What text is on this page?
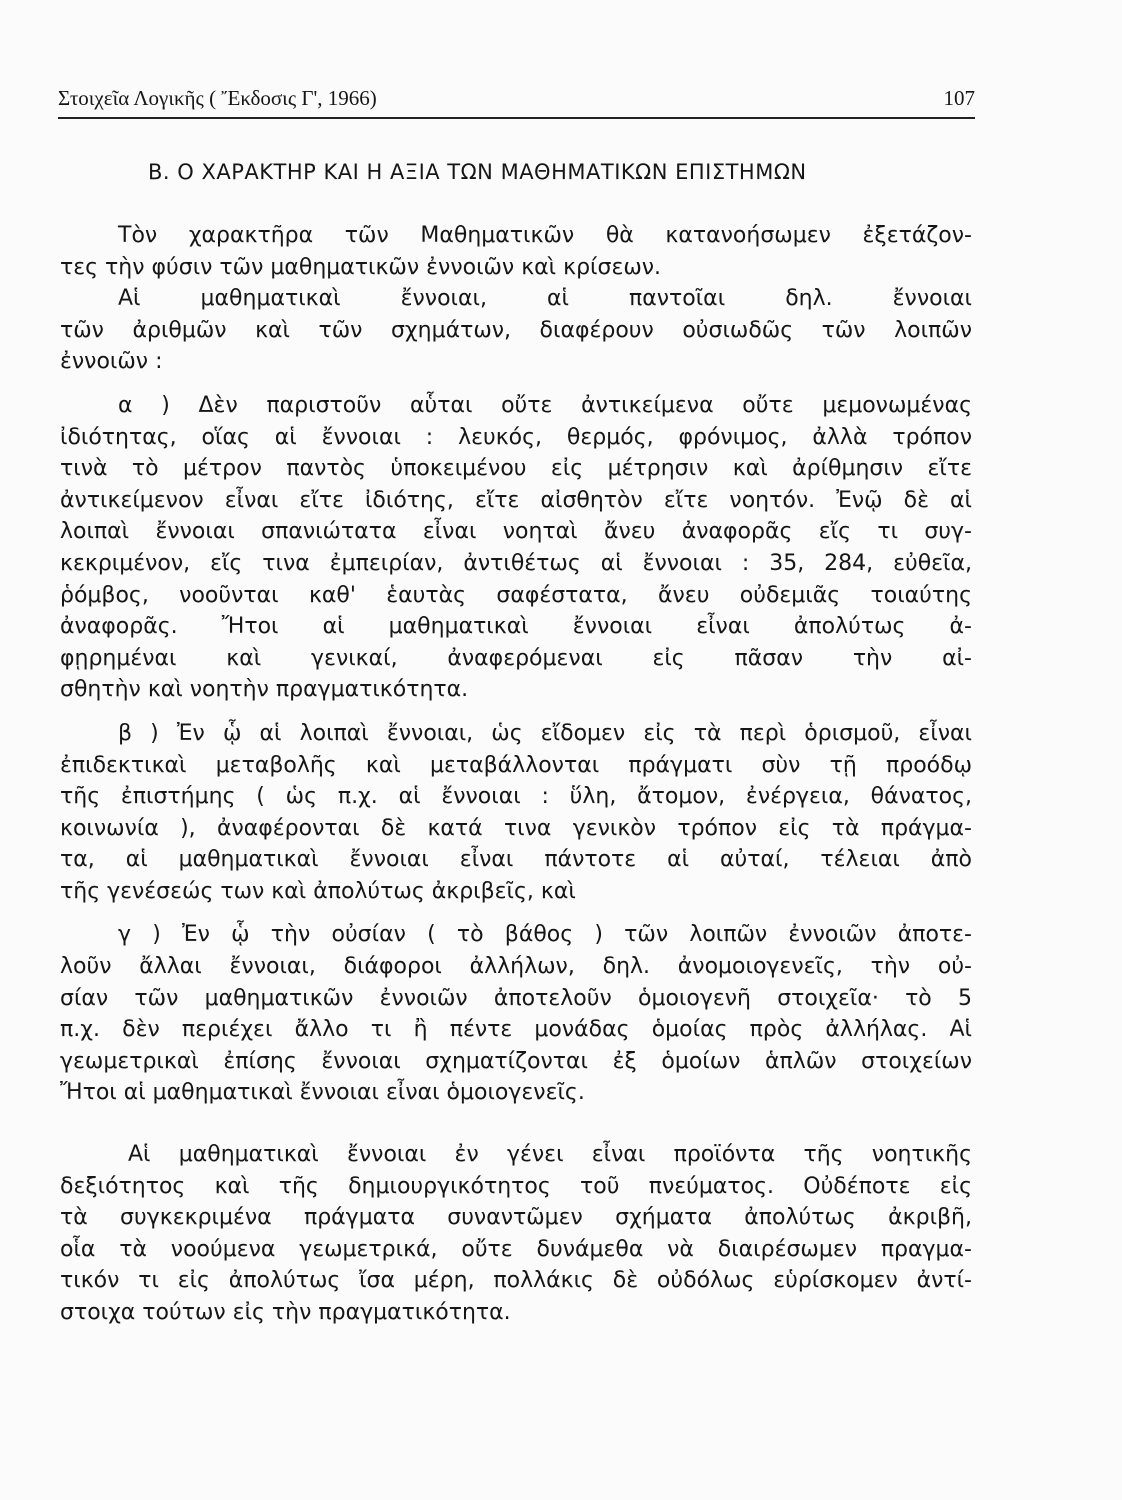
Στοιχεῖα Λογικῆς ( Ἔκδοσις Γ', 1966)	107
Β. Ο ΧΑΡΑΚΤΗΡ ΚΑΙ Η ΑΞΙΑ ΤΩΝ ΜΑΘΗΜΑΤΙΚΩΝ ΕΠΙΣΤΗΜΩΝ
Τὸν χαρακτῆρα τῶν Μαθηματικῶν θὰ κατανοήσωμεν ἐξετάζον-
τες τὴν φύσιν τῶν μαθηματικῶν ἐννοιῶν καὶ κρίσεων.
Αἱ μαθηματικαὶ ἔννοιαι, αἱ παντοῖαι δηλ. ἔννοιαι
τῶν ἀριθμῶν καὶ τῶν σχημάτων, διαφέρουν οὐσιωδῶς τῶν λοιπῶν
ἐννοιῶν :
α ) Δὲν παριστοῦν αὗται οὔτε ἀντικείμενα οὔτε μεμονωμένας
ἰδιότητας, οἵας αἱ ἔννοιαι : λευκός, θερμός, φρόνιμος, ἀλλὰ τρόπον
τινὰ τὸ μέτρον παντὸς ὑποκειμένου εἰς μέτρησιν καὶ ἀρίθμησιν εἴτε
ἀντικείμενον εἶναι εἴτε ἰδιότης, εἴτε αἰσθητὸν εἴτε νοητόν. Ἐνῷ δὲ αἱ
λοιπαὶ ἔννοιαι σπανιώτατα εἶναι νοηταὶ ἄνευ ἀναφορᾶς εἴς τι συγ-
κεκριμένον, εἴς τινα ἐμπειρίαν, ἀντιθέτως αἱ ἔννοιαι : 35, 284, εὐθεῖα,
ῥόμβος, νοοῦνται καθ' ἑαυτὰς σαφέστατα, ἄνευ οὐδεμιᾶς τοιαύτης
ἀναφορᾶς. Ἤτοι αἱ μαθηματικαὶ ἔννοιαι εἶναι ἀπολύτως ἀ-
φῃρημέναι καὶ γενικαί, ἀναφερόμεναι εἰς πᾶσαν τὴν αἰ-
σθητὴν καὶ νοητὴν πραγματικότητα.
β ) Ἐν ᾧ αἱ λοιπαὶ ἔννοιαι, ὡς εἴδομεν εἰς τὰ περὶ ὁρισμοῦ, εἶναι
ἐπιδεκτικαὶ μεταβολῆς καὶ μεταβάλλονται πράγματι σὺν τῇ προόδῳ
τῆς ἐπιστήμης ( ὡς π.χ. αἱ ἔννοιαι : ὕλη, ἄτομον, ἐνέργεια, θάνατος,
κοινωνία ), ἀναφέρονται δὲ κατά τινα γενικὸν τρόπον εἰς τὰ πράγμα-
τα, αἱ μαθηματικαὶ ἔννοιαι εἶναι πάντοτε αἱ αὐταί, τέλειαι ἀπὸ
τῆς γενέσεώς των καὶ ἀπολύτως ἀκριβεῖς, καὶ
γ ) Ἐν ᾧ τὴν οὐσίαν ( τὸ βάθος ) τῶν λοιπῶν ἐννοιῶν ἀποτε-
λοῦν ἄλλαι ἔννοιαι, διάφοροι ἀλλήλων, δηλ. ἀνομοιογενεῖς, τὴν οὐ-
σίαν τῶν μαθηματικῶν ἐννοιῶν ἀποτελοῦν ὁμοιογενῆ στοιχεῖα· τὸ 5
π.χ. δὲν περιέχει ἄλλο τι ἢ πέντε μονάδας ὁμοίας πρὸς ἀλλήλας. Αἱ
γεωμετρικαὶ ἐπίσης ἔννοιαι σχηματίζονται ἐξ ὁμοίων ἁπλῶν στοιχείων
Ἤτοι αἱ μαθηματικαὶ ἔννοιαι εἶναι ὁμοιογενεῖς.
Αἱ μαθηματικαὶ ἔννοιαι ἐν γένει εἶναι προϊόντα τῆς νοητικῆς
δεξιότητος καὶ τῆς δημιουργικότητος τοῦ πνεύματος. Οὐδέποτε εἰς
τὰ συγκεκριμένα πράγματα συναντῶμεν σχήματα ἀπολύτως ἀκριβῆ,
οἷα τὰ νοούμενα γεωμετρικά, οὔτε δυνάμεθα νὰ διαιρέσωμεν πραγμα-
τικόν τι εἰς ἀπολύτως ἴσα μέρη, πολλάκις δὲ οὐδόλως εὑρίσκομεν ἀντί-
στοιχα τούτων εἰς τὴν πραγματικότητα.
